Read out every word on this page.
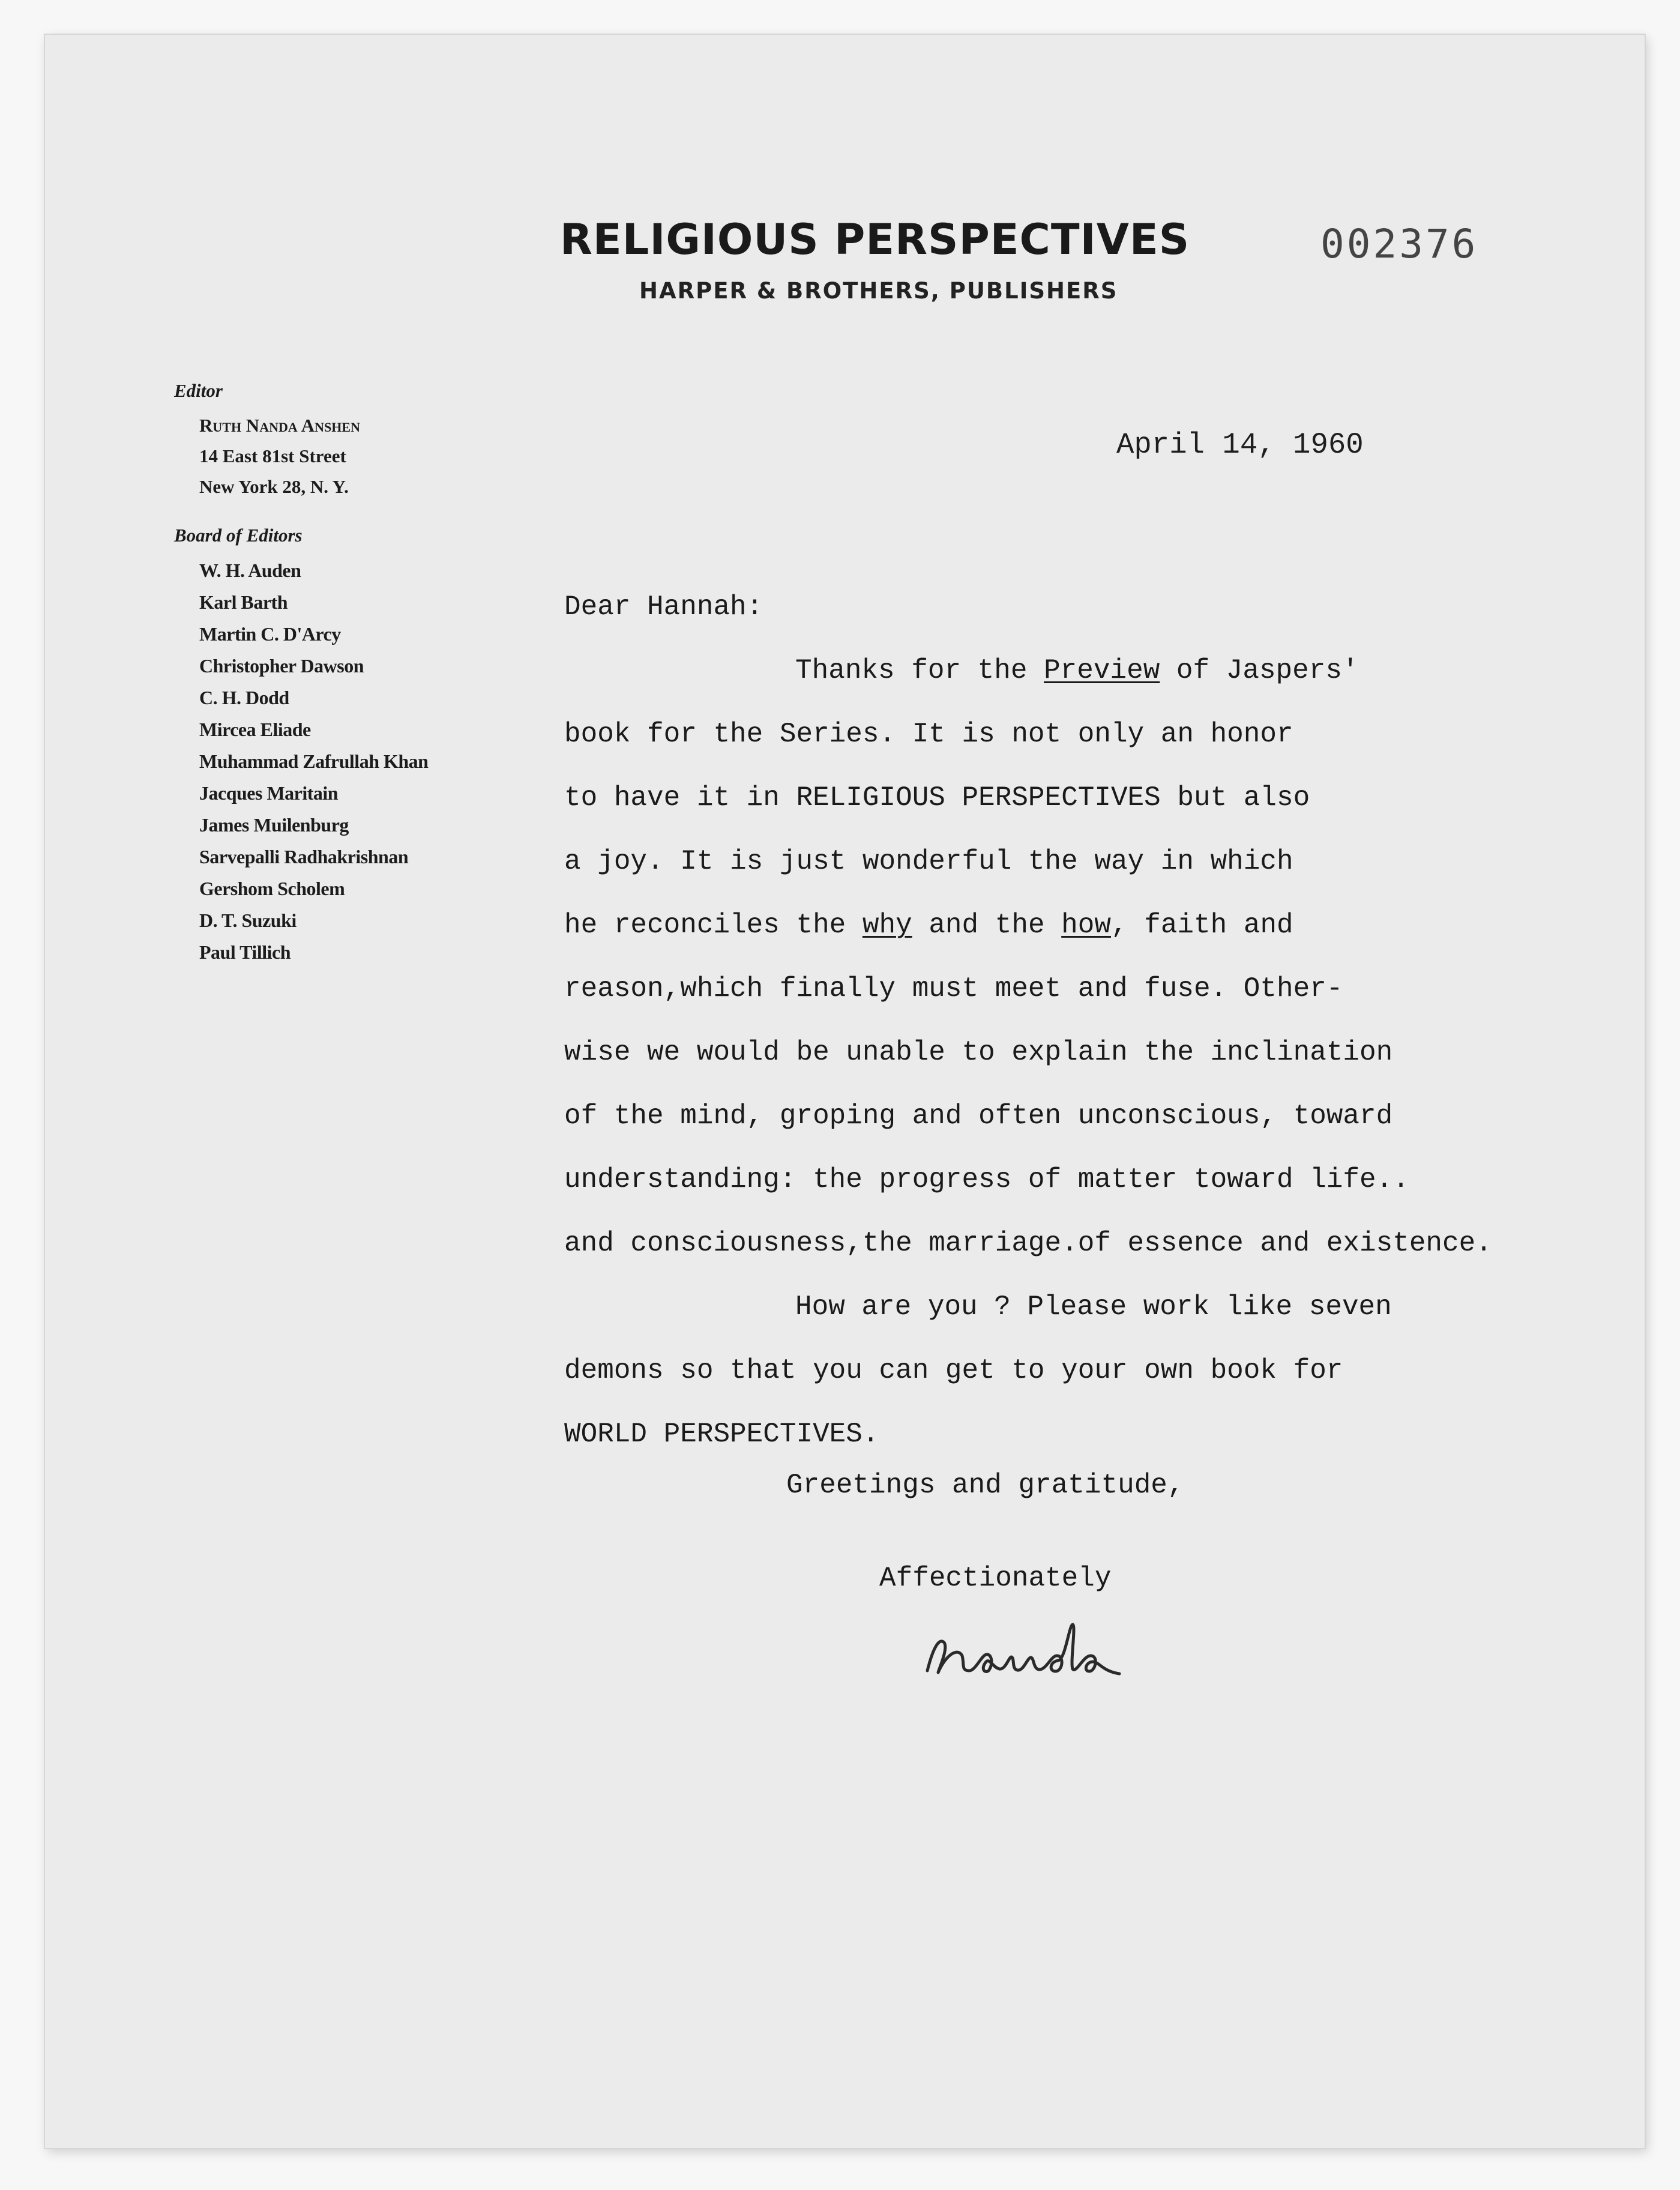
RELIGIOUS PERSPECTIVES
HARPER & BROTHERS, PUBLISHERS
002376
Editor
Ruth Nanda Anshen
14 East 81st Street
New York 28, N. Y.
Board of Editors
W. H. Auden
Karl Barth
Martin C. D'Arcy
Christopher Dawson
C. H. Dodd
Mircea Eliade
Muhammad Zafrullah Khan
Jacques Maritain
James Muilenburg
Sarvepalli Radhakrishnan
Gershom Scholem
D. T. Suzuki
Paul Tillich
April 14, 1960
Dear Hannah:
Thanks for the Preview of Jaspers'
book for the Series. It is not only an honor
to have it in RELIGIOUS PERSPECTIVES but also
a joy. It is just wonderful the way in which
he reconciles the why and the how, faith and
reason,which finally must meet and fuse. Other-
wise we would be unable to explain the inclination
of the mind, groping and often unconscious, toward
understanding: the progress of matter toward life..
and consciousness,the marriage.of essence and existence.
How are you ? Please work like seven
demons so that you can get to your own book for
WORLD PERSPECTIVES.
Greetings and gratitude,
Affectionately
